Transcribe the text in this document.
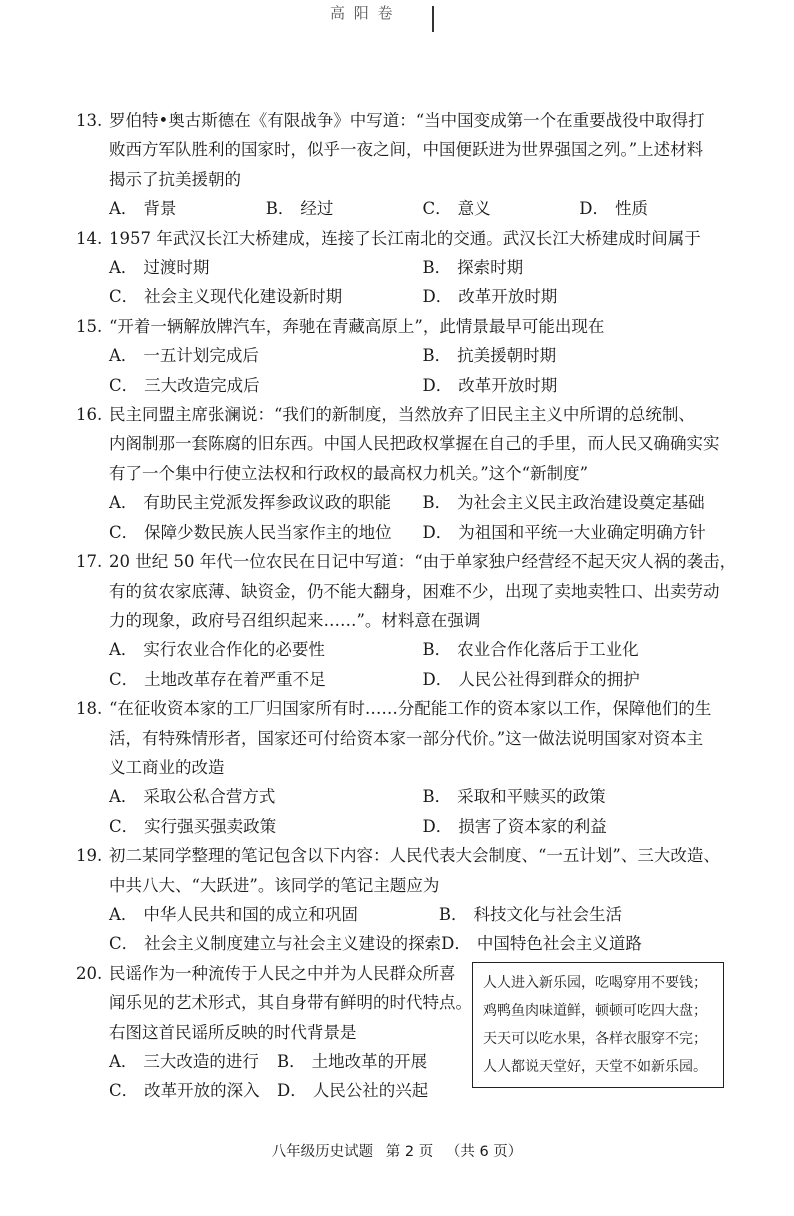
高 阳 卷
13. 罗伯特•奥古斯德在《有限战争》中写道：“当中国变成第一个在重要战役中取得打
败西方军队胜利的国家时，似乎一夜之间，中国便跃进为世界强国之列。”上述材料
揭示了抗美援朝的
A． 背景	B． 经过	C． 意义	D． 性质
14. 1957 年武汉长江大桥建成，连接了长江南北的交通。武汉长江大桥建成时间属于
A． 过渡时期	B． 探索时期
C． 社会主义现代化建设新时期	D． 改革开放时期
15. “开着一辆解放牌汽车，奔驰在青藏高原上”，此情景最早可能出现在
A． 一五计划完成后	B． 抗美援朝时期
C． 三大改造完成后	D． 改革开放时期
16. 民主同盟主席张澜说：“我们的新制度，当然放弃了旧民主主义中所谓的总统制、
内阁制那一套陈腐的旧东西。中国人民把政权掌握在自己的手里，而人民又确确实实
有了一个集中行使立法权和行政权的最高权力机关。”这个“新制度”
A． 有助民主党派发挥参政议政的职能	B． 为社会主义民主政治建设奠定基础
C． 保障少数民族人民当家作主的地位	D． 为祖国和平统一大业确定明确方针
17. 20 世纪 50 年代一位农民在日记中写道：“由于单家独户经营经不起天灾人祸的袭击，
有的贫农家底薄、缺资金，仍不能大翻身，困难不少，出现了卖地卖牲口、出卖劳动
力的现象，政府号召组织起来……”。材料意在强调
A． 实行农业合作化的必要性	B． 农业合作化落后于工业化
C． 土地改革存在着严重不足	D． 人民公社得到群众的拥护
18. “在征收资本家的工厂归国家所有时……分配能工作的资本家以工作，保障他们的生
活，有特殊情形者，国家还可付给资本家一部分代价。”这一做法说明国家对资本主
义工商业的改造
A． 采取公私合营方式	B． 采取和平赎买的政策
C． 实行强买强卖政策	D． 损害了资本家的利益
19. 初二某同学整理的笔记包含以下内容：人民代表大会制度、“一五计划”、三大改造、
中共八大、“大跃进”。该同学的笔记主题应为
A． 中华人民共和国的成立和巩固	B． 科技文化与社会生活
C． 社会主义制度建立与社会主义建设的探索 D． 中国特色社会主义道路
20. 民谣作为一种流传于人民之中并为人民群众所喜
闻乐见的艺术形式，其自身带有鲜明的时代特点。
右图这首民谣所反映的时代背景是
A． 三大改造的进行	B． 土地改革的开展
C． 改革开放的深入	D． 人民公社的兴起
人人进入新乐园，吃喝穿用不要钱；
鸡鸭鱼肉味道鲜，顿顿可吃四大盘；
天天可以吃水果，各样衣服穿不完；
人人都说天堂好，天堂不如新乐园。
八年级历史试题 第 2 页 （共 6 页）
